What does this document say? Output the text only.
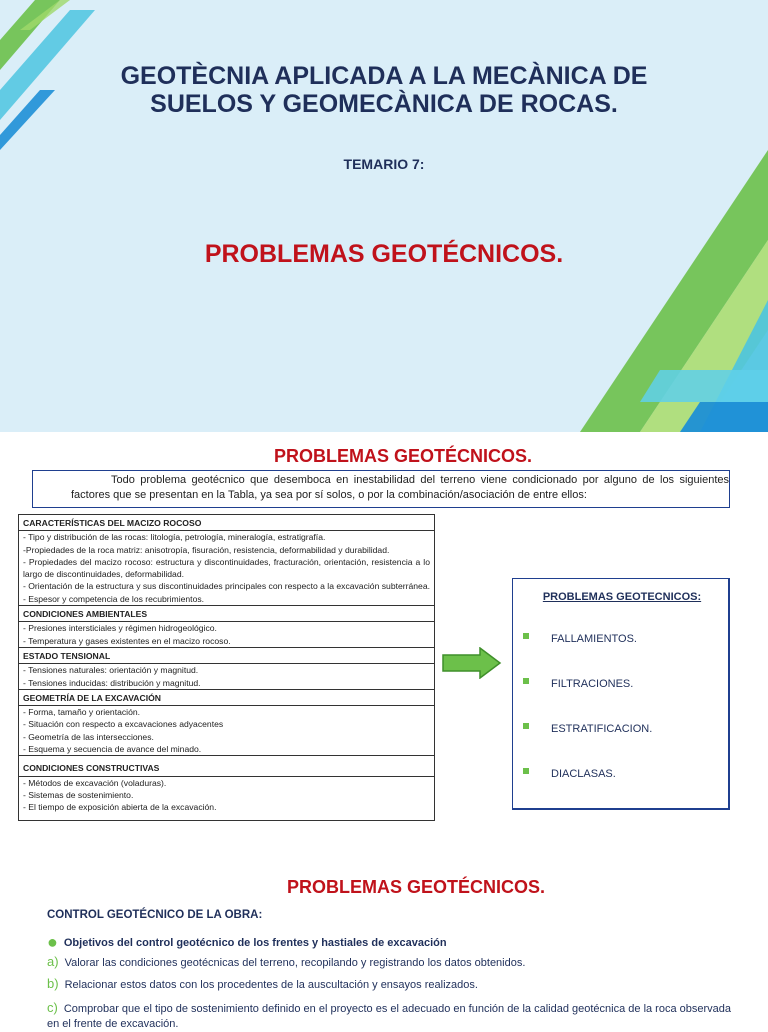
GEOTÈCNIA APLICADA A LA MECÀNICA DE
SUELOS Y GEOMECÀNICA DE ROCAS.
TEMARIO 7:
PROBLEMAS GEOTÉCNICOS.
PROBLEMAS GEOTÉCNICOS.

Todo problema geotécnico que desemboca en inestabilidad del terreno viene condicionado por alguno de los siguientes factores que se presentan en la Tabla, ya sea por sí solos, o por la combinación/asociación de entre ellos:

CARACTERÍSTICAS DEL MACIZO ROCOSO
- Tipo y distribución de las rocas: litología, petrología, mineralogía, estratigrafía.
-Propiedades de la roca matriz: anisotropía, fisuración, resistencia, deformabilidad y durabilidad.
- Propiedades del macizo rocoso: estructura y discontinuidades, fracturación, orientación, resistencia a lo largo de discontinuidades, deformabilidad.
- Orientación de la estructura y sus discontinuidades principales con respecto a la excavación subterránea.
- Espesor y competencia de los recubrimientos.
CONDICIONES AMBIENTALES
- Presiones intersticiales y régimen hidrogeológico.
- Temperatura y gases existentes en el macizo rocoso.
ESTADO TENSIONAL
- Tensiones naturales: orientación y magnitud.
- Tensiones inducidas: distribución y magnitud.
GEOMETRÍA DE LA EXCAVACIÓN
- Forma, tamaño y orientación.
- Situación con respecto a excavaciones adyacentes
- Geometría de las intersecciones.
- Esquema y secuencia de avance del minado.
CONDICIONES CONSTRUCTIVAS
- Métodos de excavación (voladuras).
- Sistemas de sostenimiento.
- El tiempo de exposición abierta de la excavación.
PROBLEMAS GEOTECNICOS:
FALLAMIENTOS.
FILTRACIONES.
ESTRATIFICACION.
DIACLASAS.
PROBLEMAS GEOTÉCNICOS.
CONTROL GEOTÉCNICO DE LA OBRA:
● Objetivos del control geotécnico de los frentes y hastiales de excavación
a) Valorar las condiciones geotécnicas del terreno, recopilando y registrando los datos obtenidos.
b) Relacionar estos datos con los procedentes de la auscultación y ensayos realizados.
c) Comprobar que el tipo de sostenimiento definido en el proyecto es el adecuado en función de la calidad geotécnica de la roca observada en el frente de excavación.
